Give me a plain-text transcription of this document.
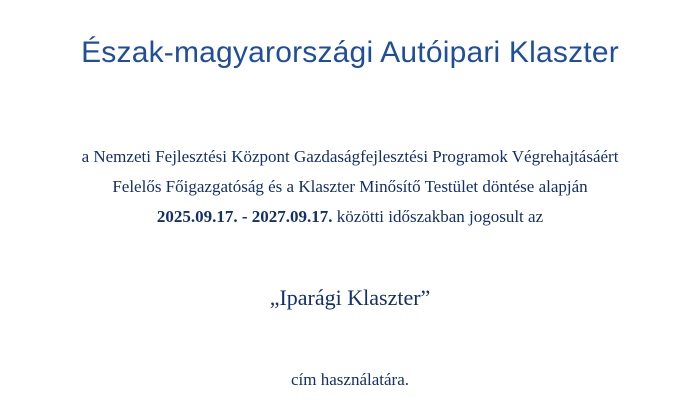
Észak-magyarországi Autóipari Klaszter
a Nemzeti Fejlesztési Központ Gazdaságfejlesztési Programok Végrehajtásáért
Felelős Főigazgatóság és a Klaszter Minősítő Testület döntése alapján
2025.09.17. - 2027.09.17. közötti időszakban jogosult az
„Iparági Klaszter”
cím használatára.
